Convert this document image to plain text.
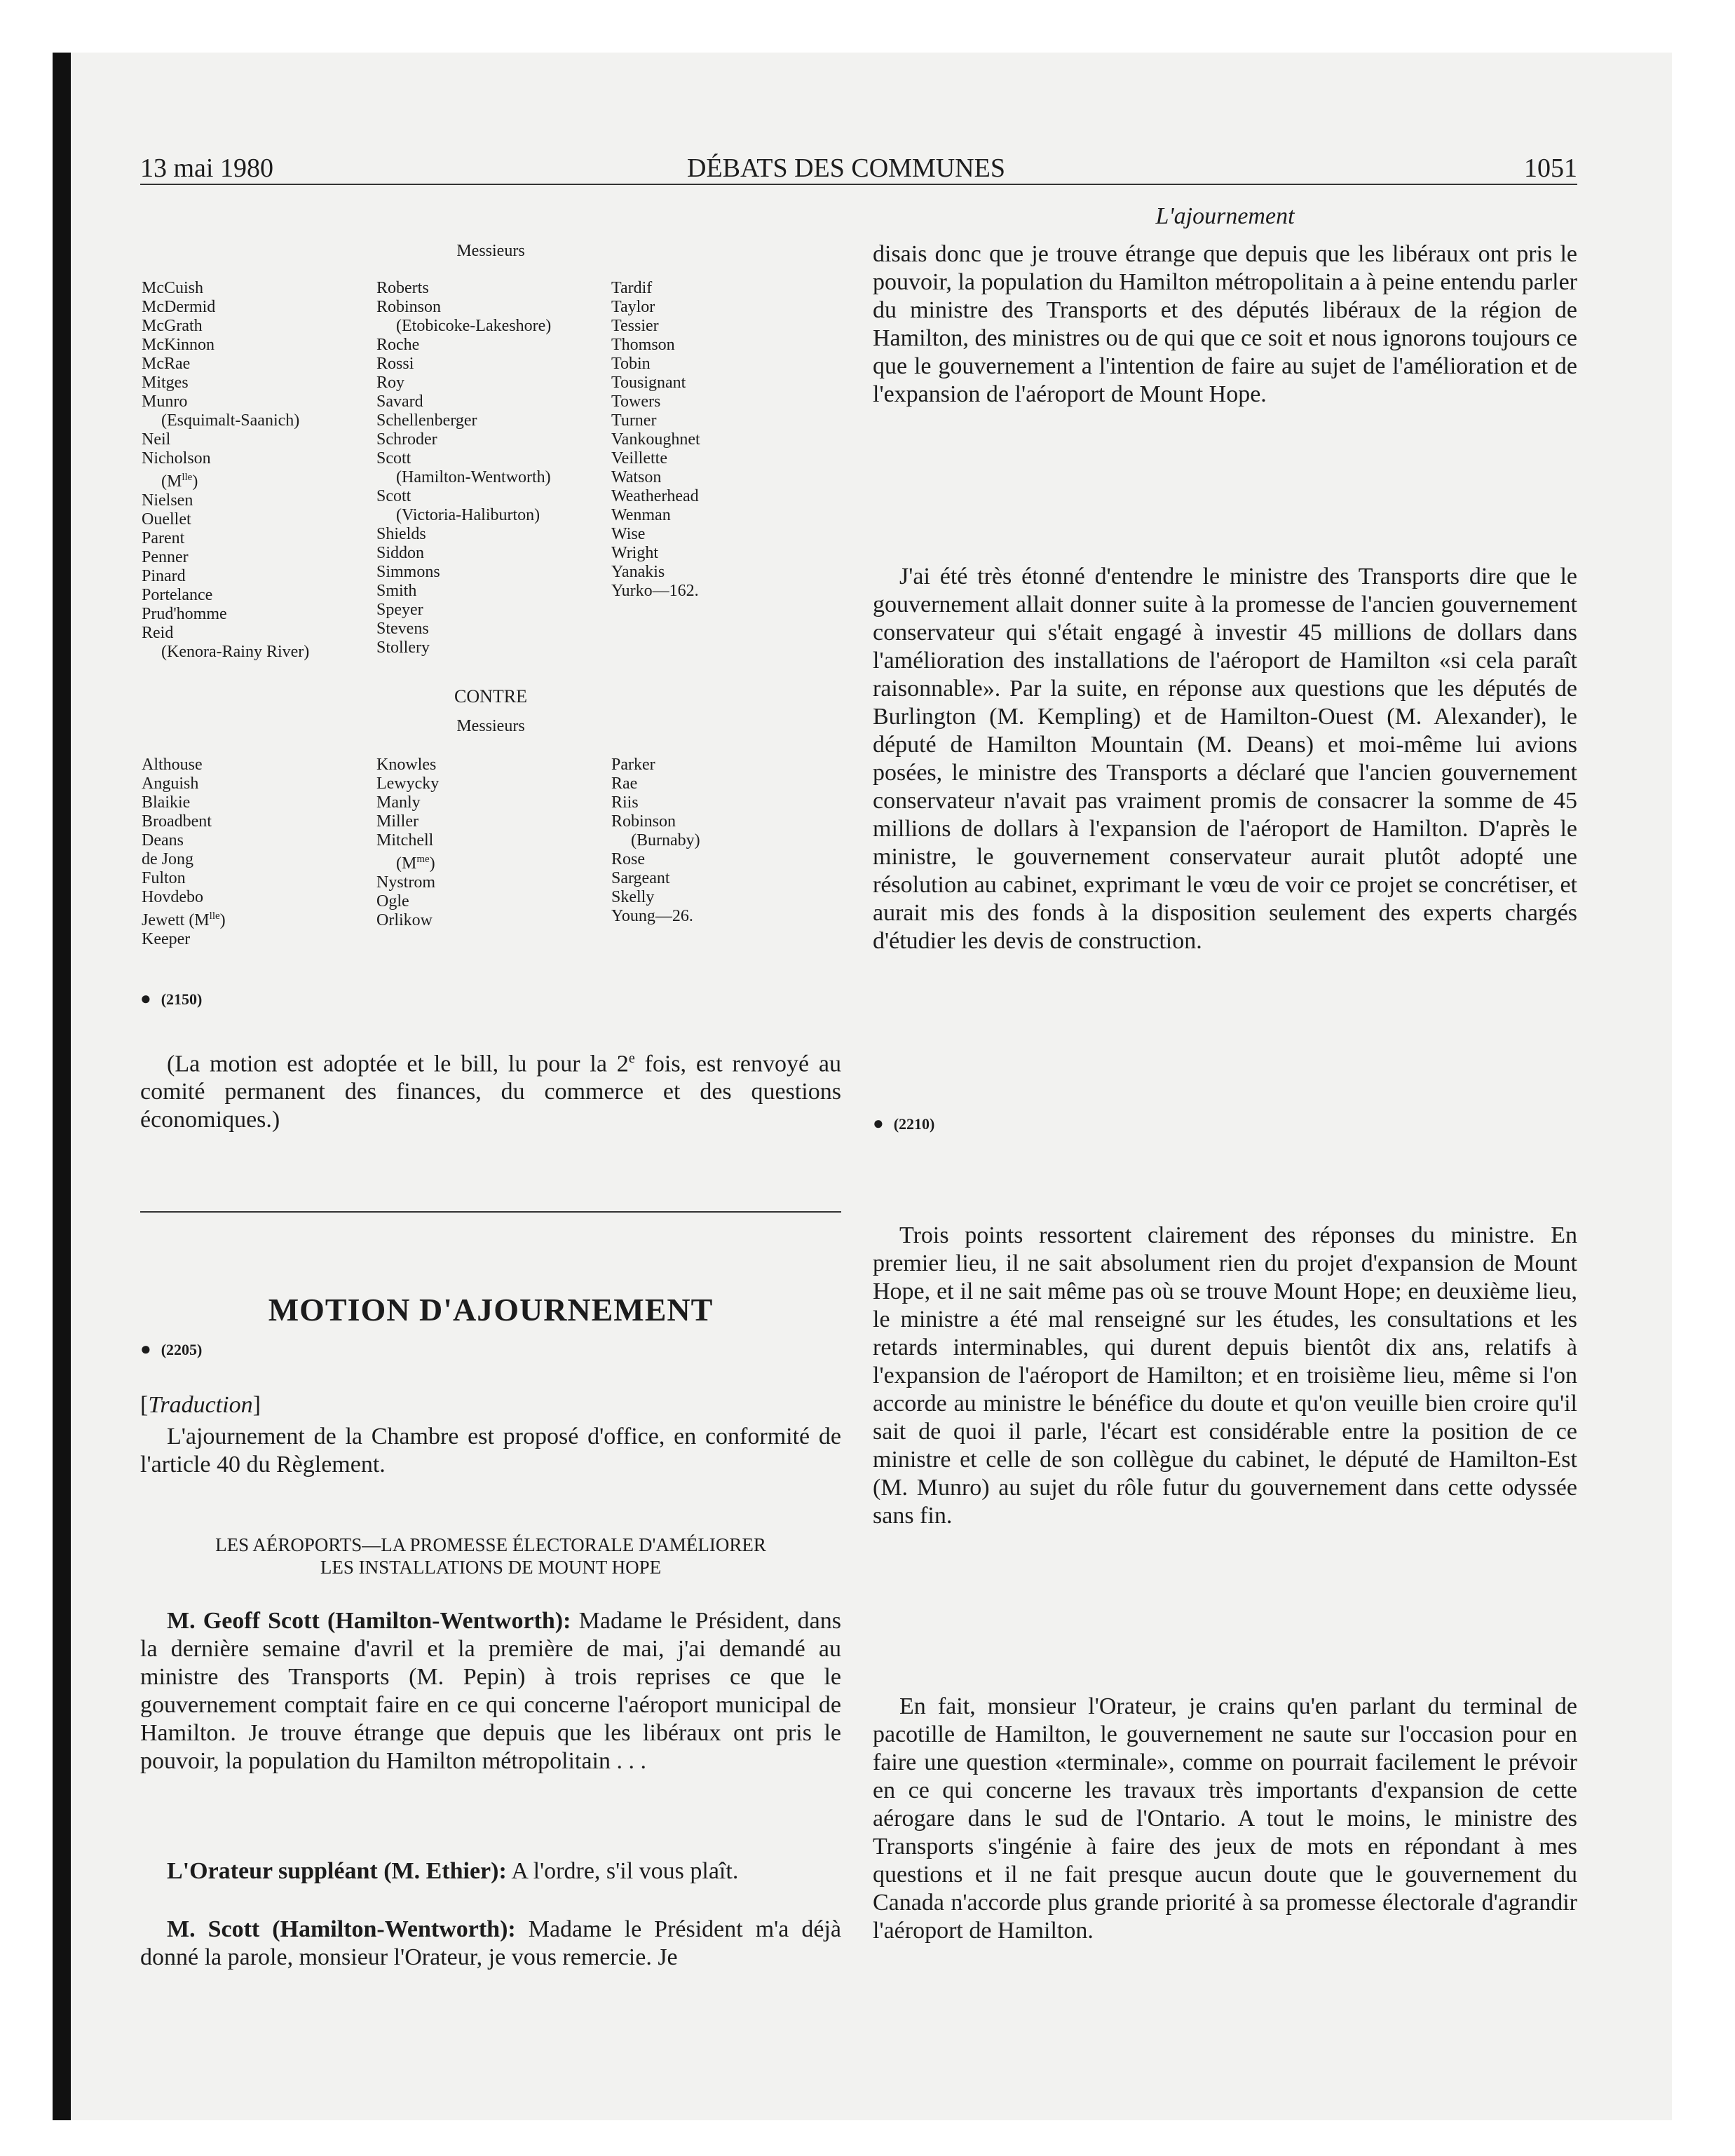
13 mai 1980	DÉBATS DES COMMUNES	1051
Messieurs
McCuish
McDermid
McGrath
McKinnon
McRae
Mitges
Munro
(Esquimalt-Saanich)
Neil
Nicholson
$(M^{lle})$
Nielsen
Ouellet
Parent
Penner
Pinard
Portelance
Prud'homme
Reid
(Kenora-Rainy River)
Roberts
Robinson
(Etobicoke-Lakeshore)
Roche
Rossi
Roy
Savard
Schellenberger
Schroder
Scott
(Hamilton-Wentworth)
Scott
(Victoria-Haliburton)
Shields
Siddon
Simmons
Smith
Speyer
Stevens
Stollery
Tardif
Taylor
Tessier
Thomson
Tobin
Tousignant
Towers
Turner
Vankoughnet
Veillette
Watson
Weatherhead
Wenman
Wise
Wright
Yanakis
Yurko—162.
CONTRE
Messieurs
Althouse
Anguish
Blaikie
Broadbent
Deans
de Jong
Fulton
Hovdebo
Jewett $(M^{lle})$
Keeper
Knowles
Lewycky
Manly
Miller
Mitchell
$(M^{me})$
Nystrom
Ogle
Orlikow
Parker
Rae
Riis
Robinson
(Burnaby)
Rose
Sargeant
Skelly
Young—26.
● (2150)

(La motion est adoptée et le bill, lu pour la 2e fois, est renvoyé au comité permanent des finances, du commerce et des questions économiques.)

MOTION D'AJOURNEMENT
● (2205)
[Traduction]

L'ajournement de la Chambre est proposé d'office, en conformité de l'article 40 du Règlement.

LES AÉROPORTS—LA PROMESSE ÉLECTORALE D'AMÉLIORER
LES INSTALLATIONS DE MOUNT HOPE

M. Geoff Scott (Hamilton-Wentworth): Madame le Président, dans la dernière semaine d'avril et la première de mai, j'ai demandé au ministre des Transports (M. Pepin) à trois reprises ce que le gouvernement comptait faire en ce qui concerne l'aéroport municipal de Hamilton. Je trouve étrange que depuis que les libéraux ont pris le pouvoir, la population du Hamilton métropolitain . . .

L'Orateur suppléant (M. Ethier): A l'ordre, s'il vous plaît.

M. Scott (Hamilton-Wentworth): Madame le Président m'a déjà donné la parole, monsieur l'Orateur, je vous remercie. Je

L'ajournement

disais donc que je trouve étrange que depuis que les libéraux ont pris le pouvoir, la population du Hamilton métropolitain a à peine entendu parler du ministre des Transports et des députés libéraux de la région de Hamilton, des ministres ou de qui que ce soit et nous ignorons toujours ce que le gouvernement a l'intention de faire au sujet de l'amélioration et de l'expansion de l'aéroport de Mount Hope.

J'ai été très étonné d'entendre le ministre des Transports dire que le gouvernement allait donner suite à la promesse de l'ancien gouvernement conservateur qui s'était engagé à investir 45 millions de dollars dans l'amélioration des installations de l'aéroport de Hamilton «si cela paraît raisonnable». Par la suite, en réponse aux questions que les députés de Burlington (M. Kempling) et de Hamilton-Ouest (M. Alexander), le député de Hamilton Mountain (M. Deans) et moi-même lui avions posées, le ministre des Transports a déclaré que l'ancien gouvernement conservateur n'avait pas vraiment promis de consacrer la somme de 45 millions de dollars à l'expansion de l'aéroport de Hamilton. D'après le ministre, le gouvernement conservateur aurait plutôt adopté une résolution au cabinet, exprimant le vœu de voir ce projet se concrétiser, et aurait mis des fonds à la disposition seulement des experts chargés d'étudier les devis de construction.

● (2210)

Trois points ressortent clairement des réponses du ministre. En premier lieu, il ne sait absolument rien du projet d'expansion de Mount Hope, et il ne sait même pas où se trouve Mount Hope; en deuxième lieu, le ministre a été mal renseigné sur les études, les consultations et les retards interminables, qui durent depuis bientôt dix ans, relatifs à l'expansion de l'aéroport de Hamilton; et en troisième lieu, même si l'on accorde au ministre le bénéfice du doute et qu'on veuille bien croire qu'il sait de quoi il parle, l'écart est considérable entre la position de ce ministre et celle de son collègue du cabinet, le député de Hamilton-Est (M. Munro) au sujet du rôle futur du gouvernement dans cette odyssée sans fin.

En fait, monsieur l'Orateur, je crains qu'en parlant du terminal de pacotille de Hamilton, le gouvernement ne saute sur l'occasion pour en faire une question «terminale», comme on pourrait facilement le prévoir en ce qui concerne les travaux très importants d'expansion de cette aérogare dans le sud de l'Ontario. A tout le moins, le ministre des Transports s'ingénie à faire des jeux de mots en répondant à mes questions et il ne fait presque aucun doute que le gouvernement du Canada n'accorde plus grande priorité à sa promesse électorale d'agrandir l'aéroport de Hamilton.
